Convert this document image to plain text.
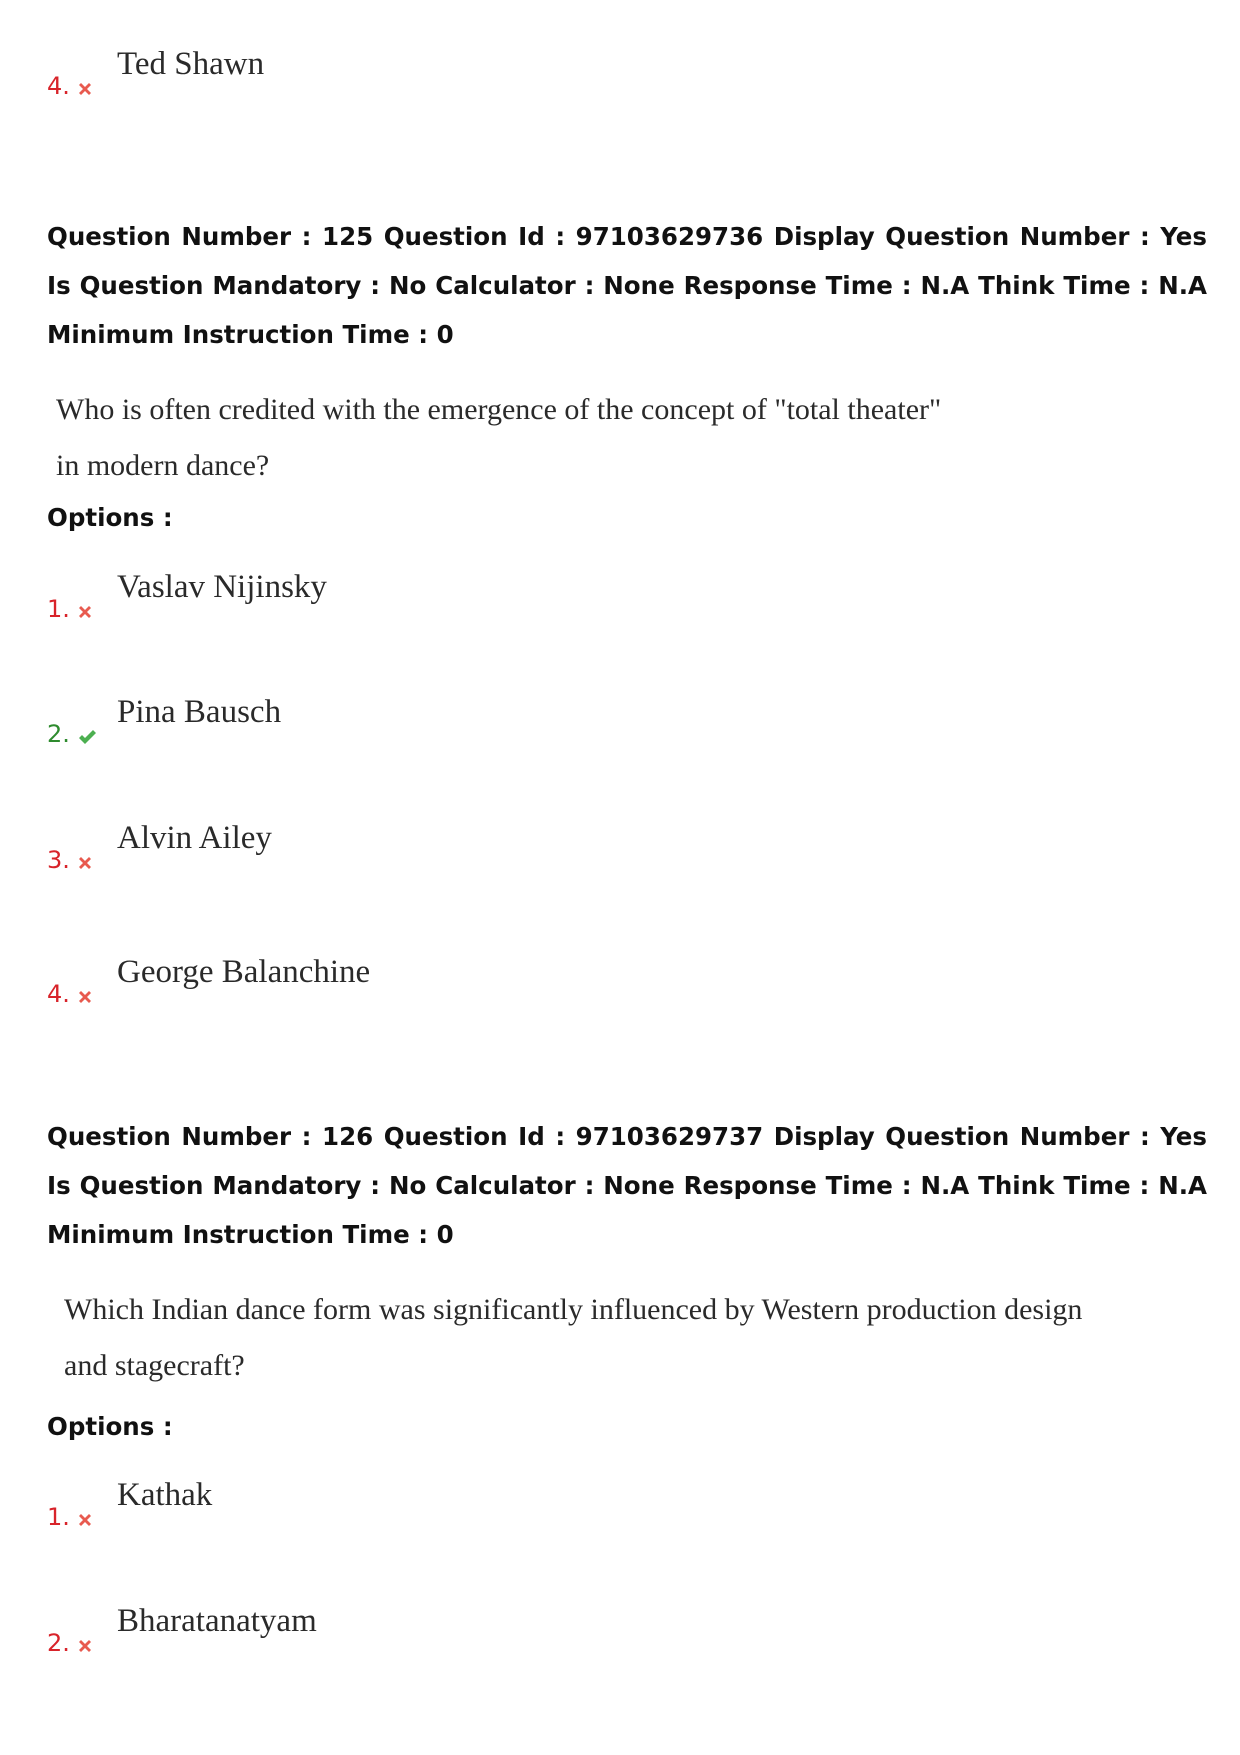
4.
Ted Shawn
Question Number : 125 Question Id : 97103629736 Display Question Number : Yes Is Question Mandatory : No Calculator : None Response Time : N.A Think Time : N.A Minimum Instruction Time : 0
Who is often credited with the emergence of the concept of "total theater"
in modern dance?
Options :
1.
Vaslav Nijinsky
2.
Pina Bausch
3.
Alvin Ailey
4.
George Balanchine
Question Number : 126 Question Id : 97103629737 Display Question Number : Yes Is Question Mandatory : No Calculator : None Response Time : N.A Think Time : N.A Minimum Instruction Time : 0
Which Indian dance form was significantly influenced by Western production design
and stagecraft?
Options :
1.
Kathak
2.
Bharatanatyam
